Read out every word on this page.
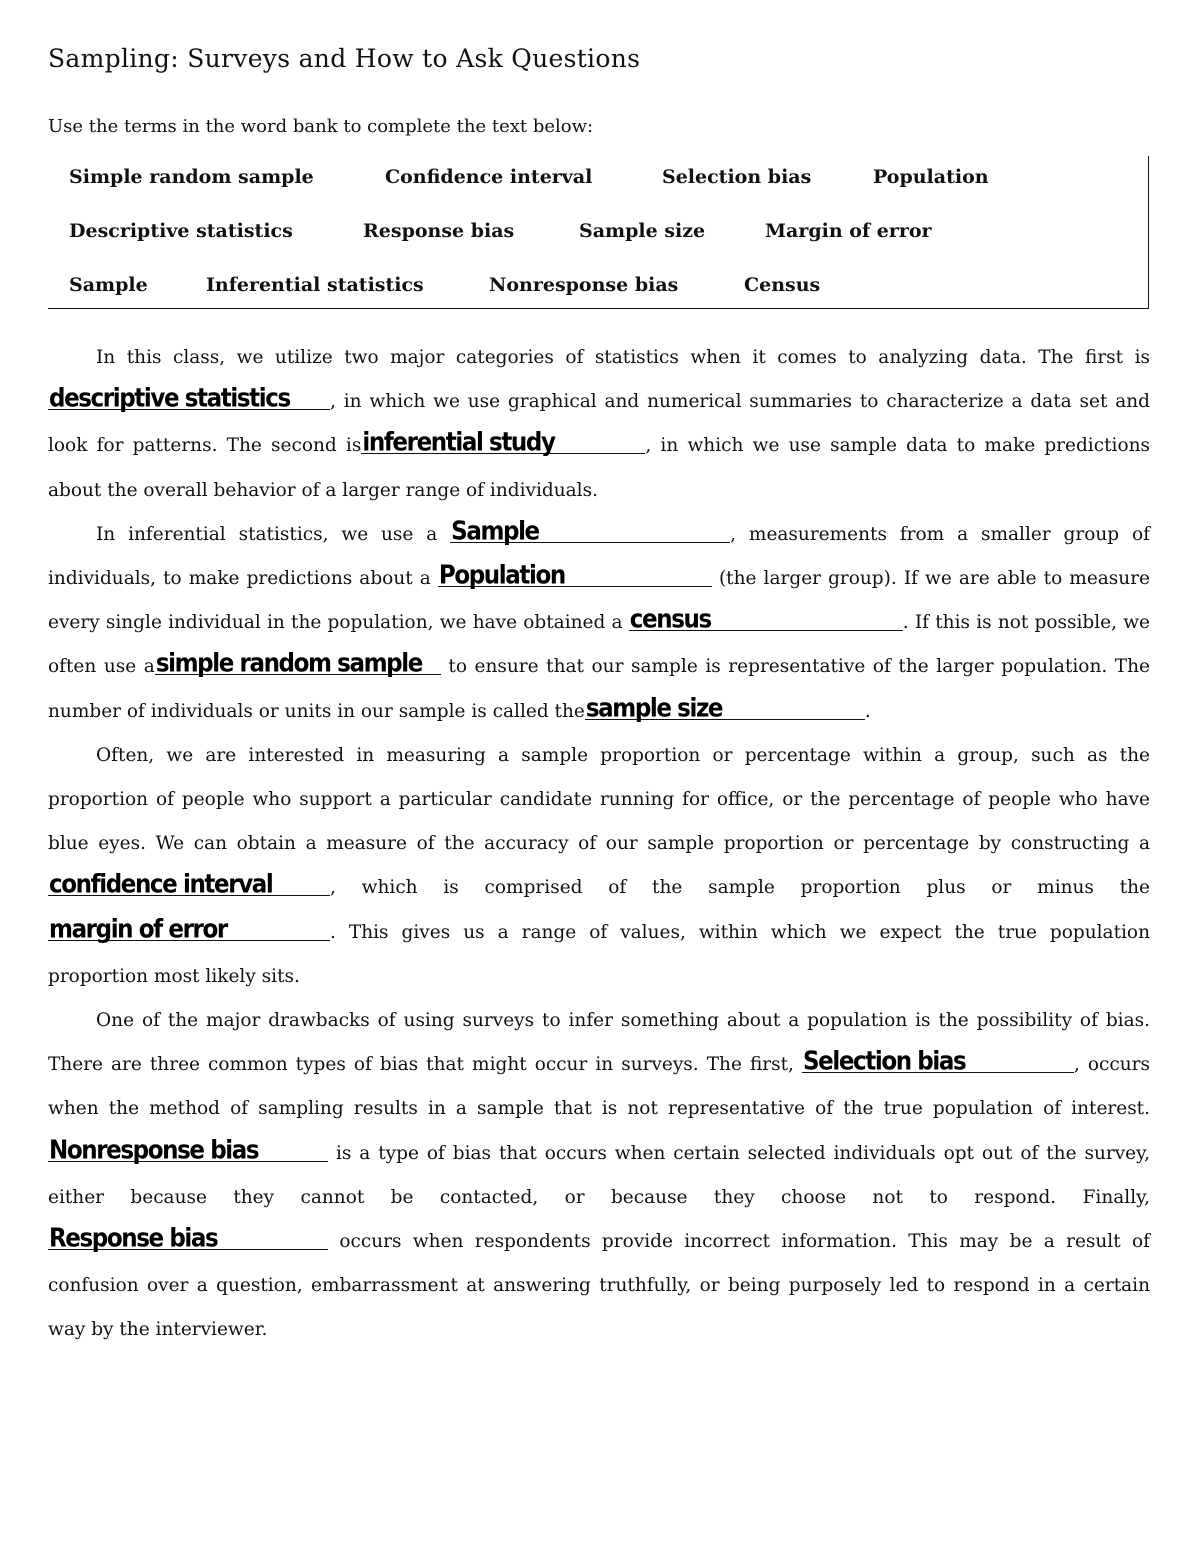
Sampling: Surveys and How to Ask Questions
Use the terms in the word bank to complete the text below:
Simple random sample	Confidence interval	Selection bias	Population
Descriptive statistics	Response bias	Sample size	Margin of error
Sample	Inferential statistics	Nonresponse bias	Census

In this class, we utilize two major categories of statistics when it comes to analyzing data. The first is
descriptive statistics , in which we use graphical and numerical summaries to characterize a data set and look for patterns. The second is inferential study	, in which we use sample data to make predictions about the overall behavior of a larger range of individuals.

In inferential statistics, we use a Sample	, measurements from a smaller group of individuals, to make predictions about a Population	(the larger group). If we are able to measure every single individual in the population, we have obtained a census	. If this is not possible, we often use a simple random sample to ensure that our sample is representative of the larger population. The number of individuals or units in our sample is called the sample size	.

Often, we are interested in measuring a sample proportion or percentage within a group, such as the proportion of people who support a particular candidate running for office, or the percentage of people who have blue eyes. We can obtain a measure of the accuracy of our sample proportion or percentage by constructing a
confidence interval	, which is comprised of the sample proportion plus or minus the
margin of error	. This gives us a range of values, within which we expect the true population proportion most likely sits.

One of the major drawbacks of using surveys to infer something about a population is the possibility of bias. There are three common types of bias that might occur in surveys. The first, Selection bias	, occurs when the method of sampling results in a sample that is not representative of the true population of interest.
Nonresponse bias	is a type of bias that occurs when certain selected individuals opt out of the survey, either because they cannot be contacted, or because they choose not to respond. Finally,
Response bias	occurs when respondents provide incorrect information. This may be a result of confusion over a question, embarrassment at answering truthfully, or being purposely led to respond in a certain way by the interviewer.
